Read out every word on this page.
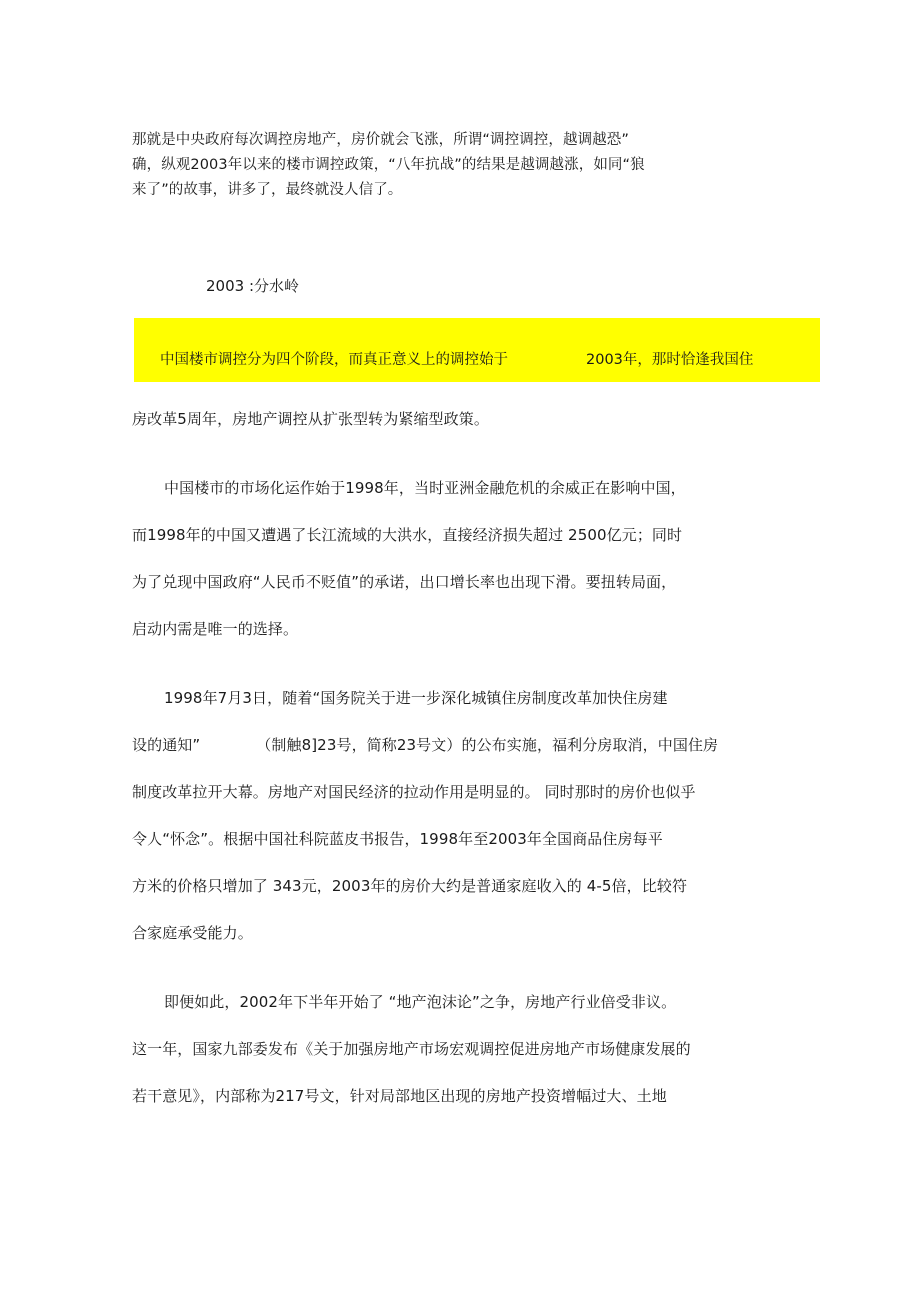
那就是中央政府每次调控房地产，房价就会飞涨，所谓“调控调控，越调越恐”
确，纵观2003年以来的楼市调控政策，“八年抗战”的结果是越调越涨，如同“狼
来了”的故事，讲多了，最终就没人信了。

2003 :分水岭
中国楼市调控分为四个阶段，而真正意义上的调控始于	2003年，那时恰逢我国住

房改革5周年，房地产调控从扩张型转为紧缩型政策。

中国楼市的市场化运作始于1998年，当时亚洲金融危机的余威正在影响中国，
而1998年的中国又遭遇了长江流域的大洪水，直接经济损失超过 2500亿元；同时
为了兑现中国政府“人民币不贬值”的承诺，出口增长率也出现下滑。要扭转局面，
启动内需是唯一的选择。

1998年7月3日，随着“国务院关于进一步深化城镇住房制度改革加快住房建
设的通知”	（制触8]23号，简称23号文）的公布实施，福利分房取消，中国住房
制度改革拉开大幕。房地产对国民经济的拉动作用是明显的。 同时那时的房价也似乎
令人“怀念”。根据中国社科院蓝皮书报告，1998年至2003年全国商品住房每平
方米的价格只增加了 343元，2003年的房价大约是普通家庭收入的 4-5倍，比较符
合家庭承受能力。

即便如此，2002年下半年开始了 “地产泡沫论”之争，房地产行业倍受非议。
这一年，国家九部委发布《关于加强房地产市场宏观调控促进房地产市场健康发展的
若干意见》，内部称为217号文，针对局部地区出现的房地产投资增幅过大、土地
